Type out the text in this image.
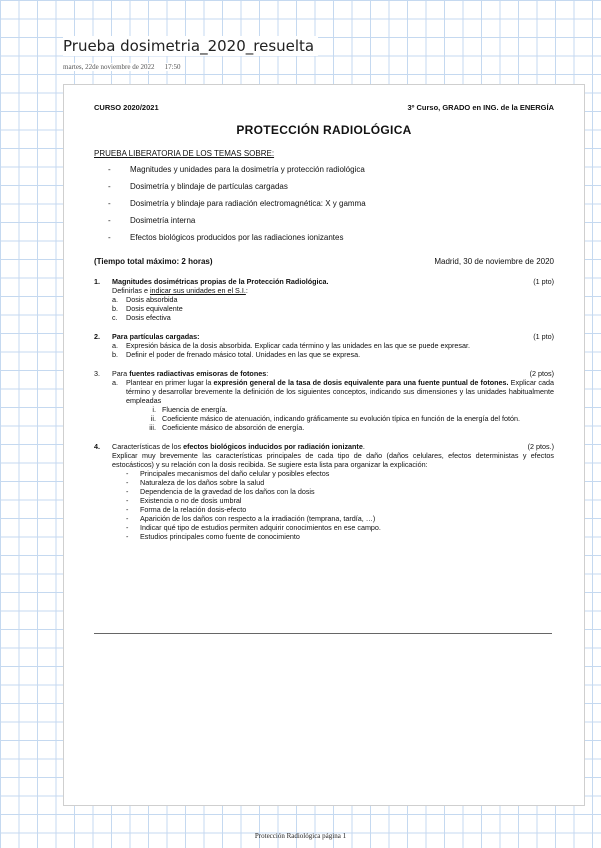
Prueba dosimetria_2020_resuelta
martes, 22de noviembre de 2022 17:50
CURSO 2020/2021	3º Curso, GRADO en ING. de la ENERGÍA
PROTECCIÓN RADIOLÓGICA
PRUEBA LIBERATORIA DE LOS TEMAS SOBRE:
-	Magnitudes y unidades para la dosimetría y protección radiológica
-	Dosimetría y blindaje de partículas cargadas
-	Dosimetría y blindaje para radiación electromagnética: X y gamma
-	Dosimetría interna
-	Efectos biológicos producidos por las radiaciones ionizantes
(Tiempo total máximo: 2 horas)	Madrid, 30 de noviembre de 2020
1.	Magnitudes dosimétricas propias de la Protección Radiológica.	(1 pto)
Definirlas e indicar sus unidades en el S.I.:
a.	Dosis absorbida
b.	Dosis equivalente
c.	Dosis efectiva
2.	Para partículas cargadas:	(1 pto)
a.	Expresión básica de la dosis absorbida. Explicar cada término y las unidades en las que se puede expresar.
b.	Definir el poder de frenado másico total. Unidades en las que se expresa.
3.	Para fuentes radiactivas emisoras de fotones:	(2 ptos)
a.	Plantear en primer lugar la expresión general de la tasa de dosis equivalente para una fuente puntual de fotones. Explicar cada término y desarrollar brevemente la definición de los siguientes conceptos, indicando sus dimensiones y las unidades habitualmente empleadas
i. Fluencia de energía.
ii. Coeficiente másico de atenuación, indicando gráficamente su evolución típica en función de la energía del fotón.
iii. Coeficiente másico de absorción de energía.
4.	Características de los efectos biológicos inducidos por radiación ionizante.	(2 ptos.)
Explicar muy brevemente las características principales de cada tipo de daño (daños celulares, efectos deterministas y efectos estocásticos) y su relación con la dosis recibida. Se sugiere esta lista para organizar la explicación:
-	Principales mecanismos del daño celular y posibles efectos
-	Naturaleza de los daños sobre la salud
-	Dependencia de la gravedad de los daños con la dosis
-	Existencia o no de dosis umbral
-	Forma de la relación dosis-efecto
-	Aparición de los daños con respecto a la irradiación (temprana, tardía, …)
-	Indicar qué tipo de estudios permiten adquirir conocimientos en ese campo.
-	Estudios principales como fuente de conocimiento
Protección Radiológica página 1
